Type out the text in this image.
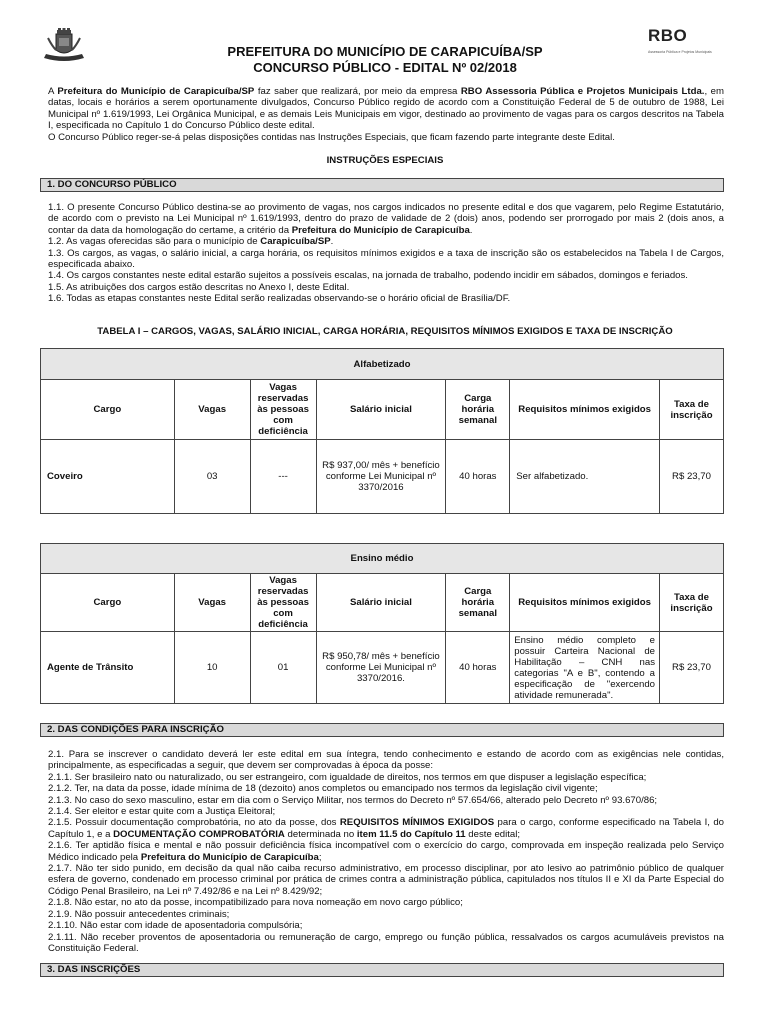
RBO
Assessoria Pública e Projetos Municipais
PREFEITURA DO MUNICÍPIO DE CARAPICUÍBA/SP
CONCURSO PÚBLICO - EDITAL Nº 02/2018

A Prefeitura do Município de Carapicuíba/SP faz saber que realizará, por meio da empresa RBO Assessoria Pública e Projetos Municipais Ltda., em datas, locais e horários a serem oportunamente divulgados, Concurso Público regido de acordo com a Constituição Federal de 5 de outubro de 1988, Lei Municipal nº 1.619/1993, Lei Orgânica Municipal, e as demais Leis Municipais em vigor, destinado ao provimento de vagas para os cargos descritos na Tabela I, especificada no Capítulo 1 do Concurso Público deste edital.

O Concurso Público reger-se-á pelas disposições contidas nas Instruções Especiais, que ficam fazendo parte integrante deste Edital.

INSTRUÇÕES ESPECIAIS
1. DO CONCURSO PÚBLICO

1.1. O presente Concurso Público destina-se ao provimento de vagas, nos cargos indicados no presente edital e dos que vagarem, pelo Regime Estatutário, de acordo com o previsto na Lei Municipal nº 1.619/1993, dentro do prazo de validade de 2 (dois) anos, podendo ser prorrogado por mais 2 (dois anos, a contar da data da homologação do certame, a critério da Prefeitura do Município de Carapicuíba.

1.2. As vagas oferecidas são para o município de Carapicuíba/SP.

1.3. Os cargos, as vagas, o salário inicial, a carga horária, os requisitos mínimos exigidos e a taxa de inscrição são os estabelecidos na Tabela I de Cargos, especificada abaixo.

1.4. Os cargos constantes neste edital estarão sujeitos a possíveis escalas, na jornada de trabalho, podendo incidir em sábados, domingos e feriados.

1.5. As atribuições dos cargos estão descritas no Anexo I, deste Edital.

1.6. Todas as etapas constantes neste Edital serão realizadas observando-se o horário oficial de Brasília/DF.

TABELA I – CARGOS, VAGAS, SALÁRIO INICIAL, CARGA HORÁRIA, REQUISITOS MÍNIMOS EXIGIDOS E TAXA DE INSCRIÇÃO
Alfabetizado						
Cargo	Vagas	Vagas reservadas às pessoas com deficiência	Salário inicial	Carga horária semanal	Requisitos mínimos exigidos	Taxa de inscrição
Coveiro	03	---	R$ 937,00/ mês + benefício conforme Lei Municipal nº 3370/2016	40 horas	Ser alfabetizado.	R$ 23,70
Ensino médio						
Cargo	Vagas	Vagas reservadas às pessoas com deficiência	Salário inicial	Carga horária semanal	Requisitos mínimos exigidos	Taxa de inscrição
Agente de Trânsito	10	01	R$ 950,78/ mês + benefício conforme Lei Municipal nº 3370/2016.	40 horas	Ensino médio completo e possuir Carteira Nacional de Habilitação – CNH nas categorias "A e B", contendo a especificação de "exercendo atividade remunerada".	R$ 23,70
2. DAS CONDIÇÕES PARA INSCRIÇÃO

2.1. Para se inscrever o candidato deverá ler este edital em sua íntegra, tendo conhecimento e estando de acordo com as exigências nele contidas, principalmente, as especificadas a seguir, que devem ser comprovadas à época da posse:

2.1.1. Ser brasileiro nato ou naturalizado, ou ser estrangeiro, com igualdade de direitos, nos termos em que dispuser a legislação específica;

2.1.2. Ter, na data da posse, idade mínima de 18 (dezoito) anos completos ou emancipado nos termos da legislação civil vigente;

2.1.3. No caso do sexo masculino, estar em dia com o Serviço Militar, nos termos do Decreto nº 57.654/66, alterado pelo Decreto nº 93.670/86;

2.1.4. Ser eleitor e estar quite com a Justiça Eleitoral;

2.1.5. Possuir documentação comprobatória, no ato da posse, dos REQUISITOS MÍNIMOS EXIGIDOS para o cargo, conforme especificado na Tabela I, do Capítulo 1, e a DOCUMENTAÇÃO COMPROBATÓRIA determinada no item 11.5 do Capítulo 11 deste edital;

2.1.6. Ter aptidão física e mental e não possuir deficiência física incompatível com o exercício do cargo, comprovada em inspeção realizada pelo Serviço Médico indicado pela Prefeitura do Município de Carapicuíba;

2.1.7. Não ter sido punido, em decisão da qual não caiba recurso administrativo, em processo disciplinar, por ato lesivo ao patrimônio público de qualquer esfera de governo, condenado em processo criminal por prática de crimes contra a administração pública, capitulados nos títulos II e XI da Parte Especial do Código Penal Brasileiro, na Lei nº 7.492/86 e na Lei nº 8.429/92;

2.1.8. Não estar, no ato da posse, incompatibilizado para nova nomeação em novo cargo público;

2.1.9. Não possuir antecedentes criminais;

2.1.10. Não estar com idade de aposentadoria compulsória;

2.1.11. Não receber proventos de aposentadoria ou remuneração de cargo, emprego ou função pública, ressalvados os cargos acumuláveis previstos na Constituição Federal.

3. DAS INSCRIÇÕES
